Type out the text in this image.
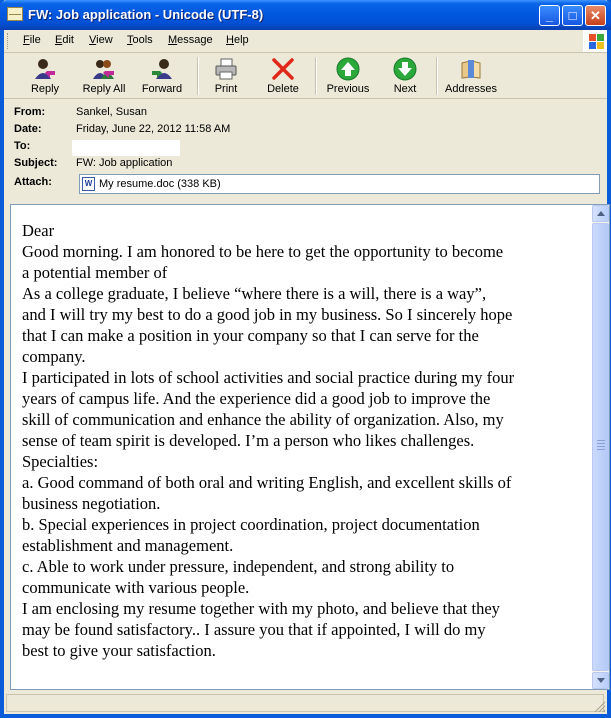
FW: Job application - Unicode (UTF-8)	_	□	✕
File Edit View Tools Message Help
Reply	Reply All	Forward	Print	Delete	Previous	Next	Addresses
From:	Sankel, Susan
Date:	Friday, June 22, 2012 11:58 AM
To:
Subject:	FW: Job application
Attach:	W My resume.doc (338 KB)

Dear

Good morning. I am honored to be here to get the opportunity to become

a potential member of

As a college graduate, I believe “where there is a will, there is a way”,

and I will try my best to do a good job in my business. So I sincerely hope

that I can make a position in your company so that I can serve for the

company.

I participated in lots of school activities and social practice during my four

years of campus life. And the experience did a good job to improve the

skill of communication and enhance the ability of organization. Also, my

sense of team spirit is developed. I’m a person who likes challenges.

Specialties:

a. Good command of both oral and writing English, and excellent skills of

business negotiation.

b. Special experiences in project coordination, project documentation

establishment and management.

c. Able to work under pressure, independent, and strong ability to

communicate with various people.

I am enclosing my resume together with my photo, and believe that they

may be found satisfactory.. I assure you that if appointed, I will do my

best to give your satisfaction.
